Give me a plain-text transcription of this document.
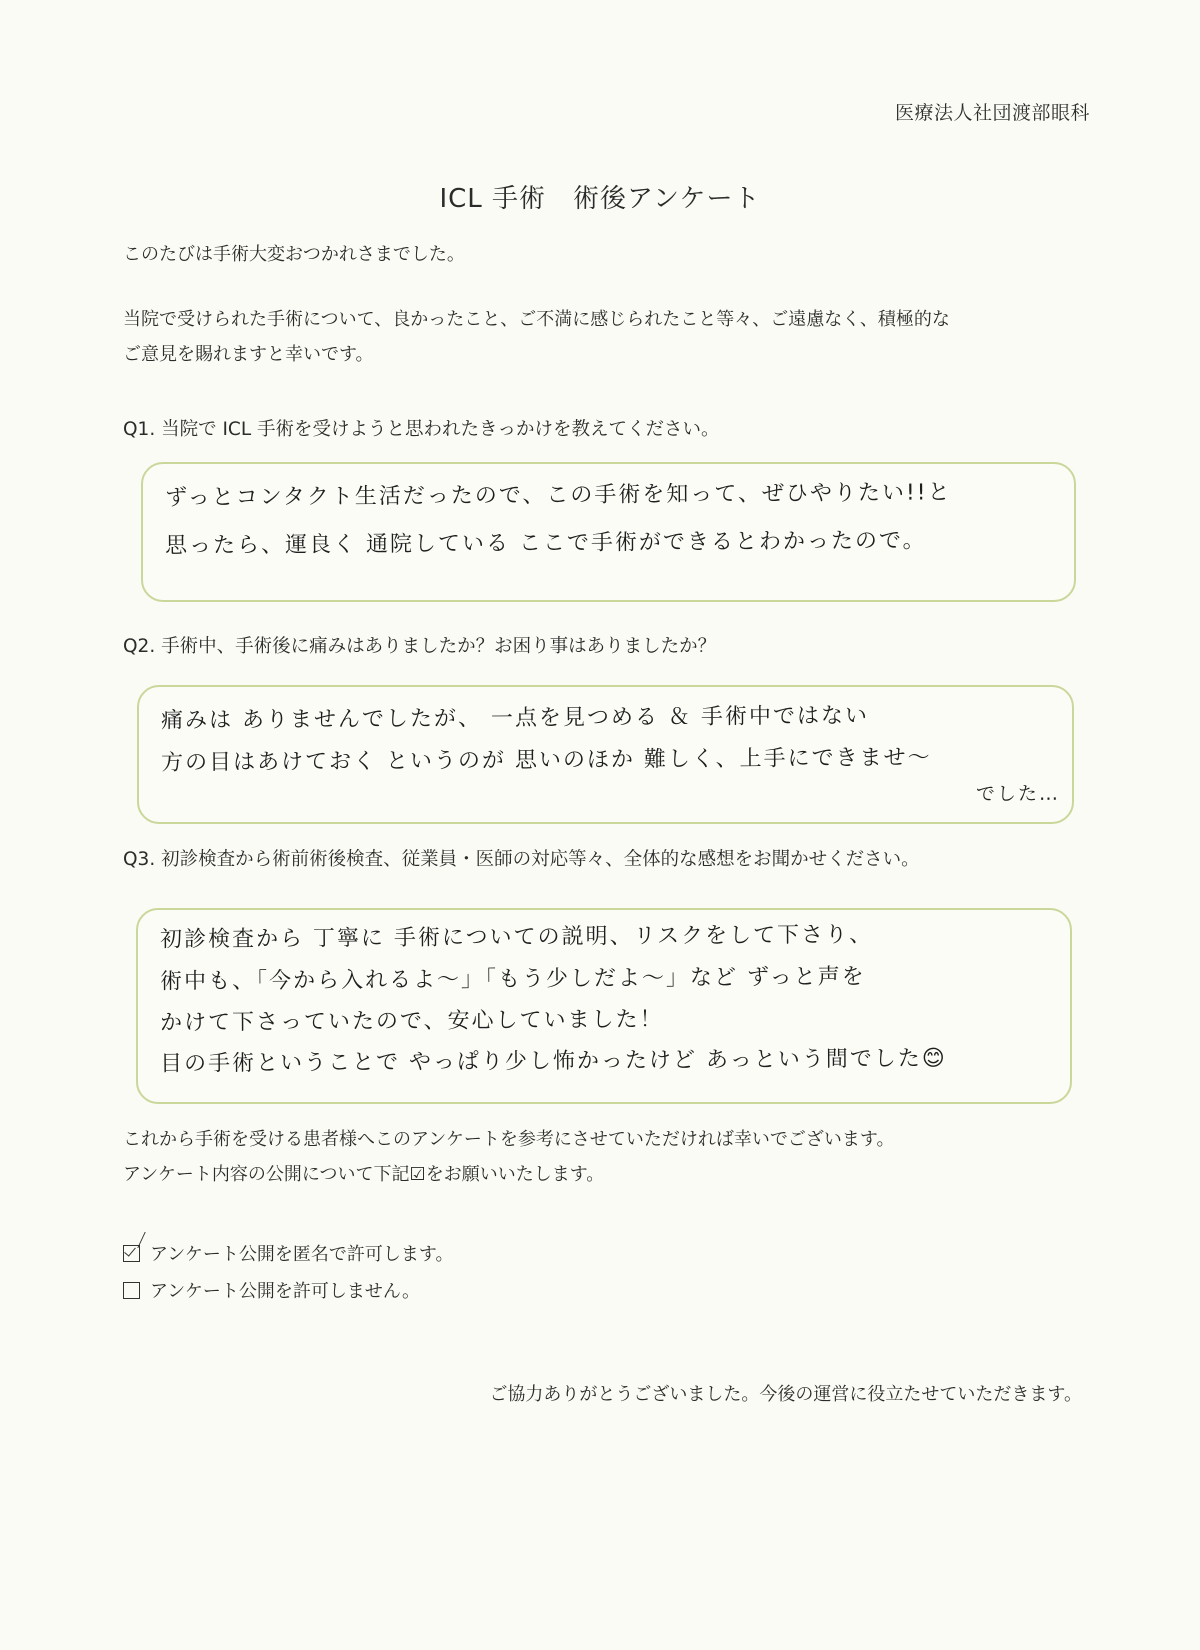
医療法人社団渡部眼科
ICL 手術　術後アンケート
このたびは手術大変おつかれさまでした。
当院で受けられた手術について、良かったこと、ご不満に感じられたこと等々、ご遠慮なく、積極的な
ご意見を賜れますと幸いです。
Q1. 当院で ICL 手術を受けようと思われたきっかけを教えてください。
ずっとコンタクト生活だったので、この手術を知って、ぜひやりたい!!と
思ったら、運良く 通院している ここで手術ができるとわかったので。
Q2. 手術中、手術後に痛みはありましたか？お困り事はありましたか？
痛みは ありませんでしたが、 一点を見つめる ＆ 手術中ではない
方の目はあけておく というのが 思いのほか 難しく、上手にできませ〜
でした…
Q3. 初診検査から術前術後検査、従業員・医師の対応等々、全体的な感想をお聞かせください。
初診検査から 丁寧に 手術についての説明、リスクをして下さり、
術中も、「今から入れるよ〜」「もう少しだよ〜」など ずっと声を
かけて下さっていたので、安心していました！
目の手術ということで やっぱり少し怖かったけど あっという間でした😊
これから手術を受ける患者様へこのアンケートを参考にさせていただければ幸いでございます。
アンケート内容の公開について下記☑をお願いいたします。
アンケート公開を匿名で許可します。
アンケート公開を許可しません。
ご協力ありがとうございました。今後の運営に役立たせていただきます。
